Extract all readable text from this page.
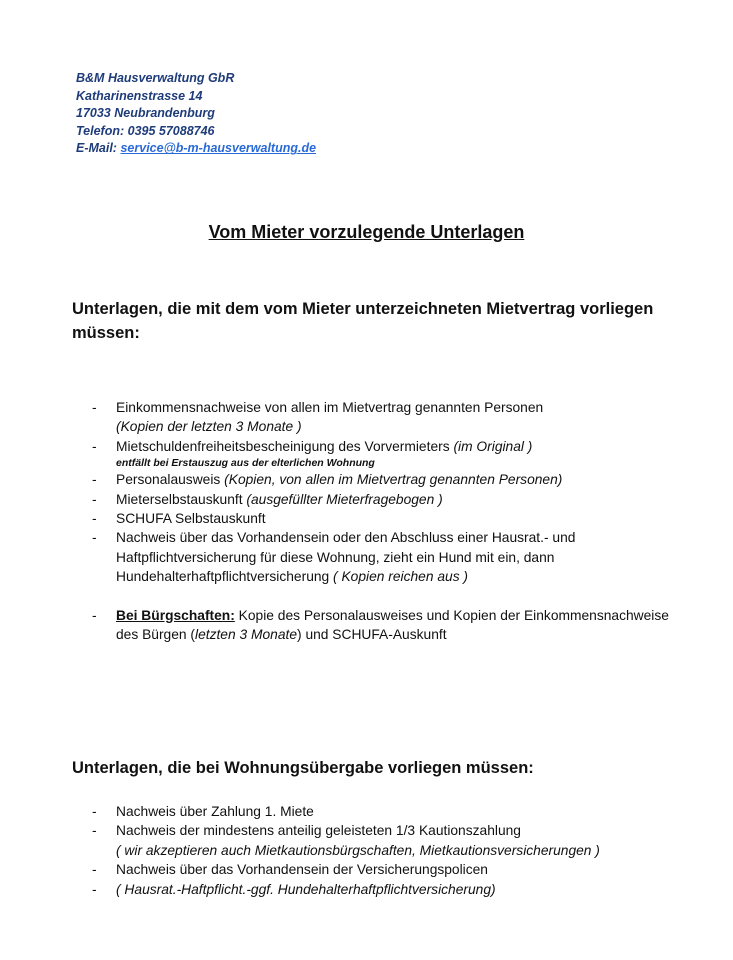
B&M Hausverwaltung GbR
Katharinenstrasse 14
17033 Neubrandenburg
Telefon: 0395 57088746
E-Mail: service@b-m-hausverwaltung.de
Vom Mieter vorzulegende Unterlagen
Unterlagen, die mit dem vom Mieter unterzeichneten Mietvertrag vorliegen müssen:
- Einkommensnachweise von allen im Mietvertrag genannten Personen
(Kopien der letzten 3 Monate )
- Mietschuldenfreiheitsbescheinigung des Vorvermieters (im Original )
entfällt bei Erstauszug aus der elterlichen Wohnung
- Personalausweis (Kopien, von allen im Mietvertrag genannten Personen)
- Mieterselbstauskunft (ausgefüllter Mieterfragebogen )
- SCHUFA Selbstauskunft
- Nachweis über das Vorhandensein oder den Abschluss einer Hausrat.- und Haftpflichtversicherung für diese Wohnung, zieht ein Hund mit ein, dann Hundehalterhaftpflichtversicherung ( Kopien reichen aus )
- Bei Bürgschaften: Kopie des Personalausweises und Kopien der Einkommensnachweise des Bürgen (letzten 3 Monate) und SCHUFA-Auskunft
Unterlagen, die bei Wohnungsübergabe vorliegen müssen:
- Nachweis über Zahlung 1. Miete
- Nachweis der mindestens anteilig geleisteten 1/3 Kautionszahlung
( wir akzeptieren auch Mietkautionsbürgschaften, Mietkautionsversicherungen )
- Nachweis über das Vorhandensein der Versicherungspolicen
- ( Hausrat.-Haftpflicht.-ggf. Hundehalterhaftpflichtversicherung)
